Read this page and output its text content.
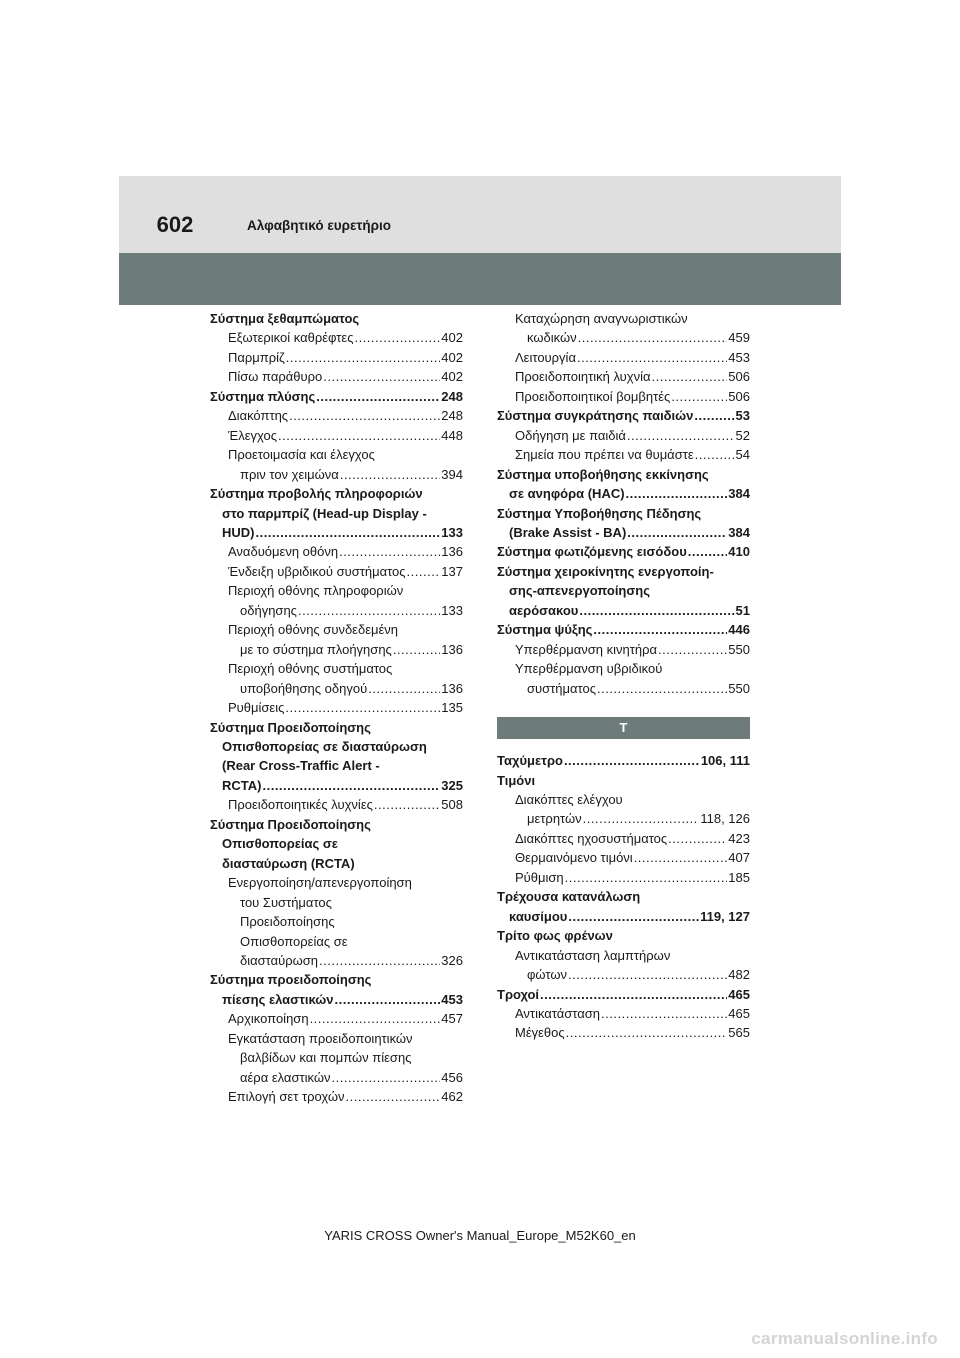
602	Αλφαβητικό ευρετήριο
Σύστημα ξεθαμπώματος
Εξωτερικοί καθρέφτες .....	402
Παρμπρίζ .....	402
Πίσω παράθυρο .....	402
Σύστημα πλύσης .....	248
Διακόπτης .....	248
Έλεγχος .....	448
Προετοιμασία και έλεγχος
πριν τον χειμώνα .....	394
Σύστημα προβολής πληροφοριών
στο παρμπρίζ (Head-up Display -
HUD) .....	133
Αναδυόμενη οθόνη .....	136
Ένδειξη υβριδικού συστήματος .....	137
Περιοχή οθόνης πληροφοριών
οδήγησης .....	133
Περιοχή οθόνης συνδεδεμένη
με το σύστημα πλοήγησης .....	136
Περιοχή οθόνης συστήματος
υποβοήθησης οδηγού .....	136
Ρυθμίσεις .....	135
Σύστημα Προειδοποίησης
Οπισθοπορείας σε διασταύρωση
(Rear Cross-Traffic Alert -
RCTA) .....	325
Προειδοποιητικές λυχνίες .....	508
Σύστημα Προειδοποίησης
Οπισθοπορείας σε
διασταύρωση (RCTA)
Ενεργοποίηση/απενεργοποίηση
του Συστήματος
Προειδοποίησης
Οπισθοπορείας σε
διασταύρωση .....	326
Σύστημα προειδοποίησης
πίεσης ελαστικών .....	453
Αρχικοποίηση .....	457
Εγκατάσταση προειδοποιητικών
βαλβίδων και πομπών πίεσης
αέρα ελαστικών .....	456
Επιλογή σετ τροχών .....	462
Καταχώρηση αναγνωριστικών
κωδικών .....	459
Λειτουργία .....	453
Προειδοποιητική λυχνία .....	506
Προειδοποιητικοί βομβητές .....	506
Σύστημα συγκράτησης παιδιών .....	53
Οδήγηση με παιδιά .....	52
Σημεία που πρέπει να θυμάστε .....	54
Σύστημα υποβοήθησης εκκίνησης
σε ανηφόρα (HAC) .....	384
Σύστημα Υποβοήθησης Πέδησης
(Brake Assist - BA) .....	384
Σύστημα φωτιζόμενης εισόδου .....	410
Σύστημα χειροκίνητης ενεργοποίη-
σης-απενεργοποίησης
αερόσακου .....	51
Σύστημα ψύξης .....	446
Υπερθέρμανση κινητήρα .....	550
Υπερθέρμανση υβριδικού
συστήματος .....	550
T
Ταχύμετρο .....	106, 111
Τιμόνι
Διακόπτες ελέγχου
μετρητών .....	118, 126
Διακόπτες ηχοσυστήματος .....	423
Θερμαινόμενο τιμόνι .....	407
Ρύθμιση .....	185
Τρέχουσα κατανάλωση
καυσίμου .....	119, 127
Τρίτο φως φρένων
Αντικατάσταση λαμπτήρων
φώτων .....	482
Τροχοί .....	465
Αντικατάσταση .....	465
Μέγεθος .....	565
YARIS CROSS Owner's Manual_Europe_M52K60_en
carmanualsonline.info
